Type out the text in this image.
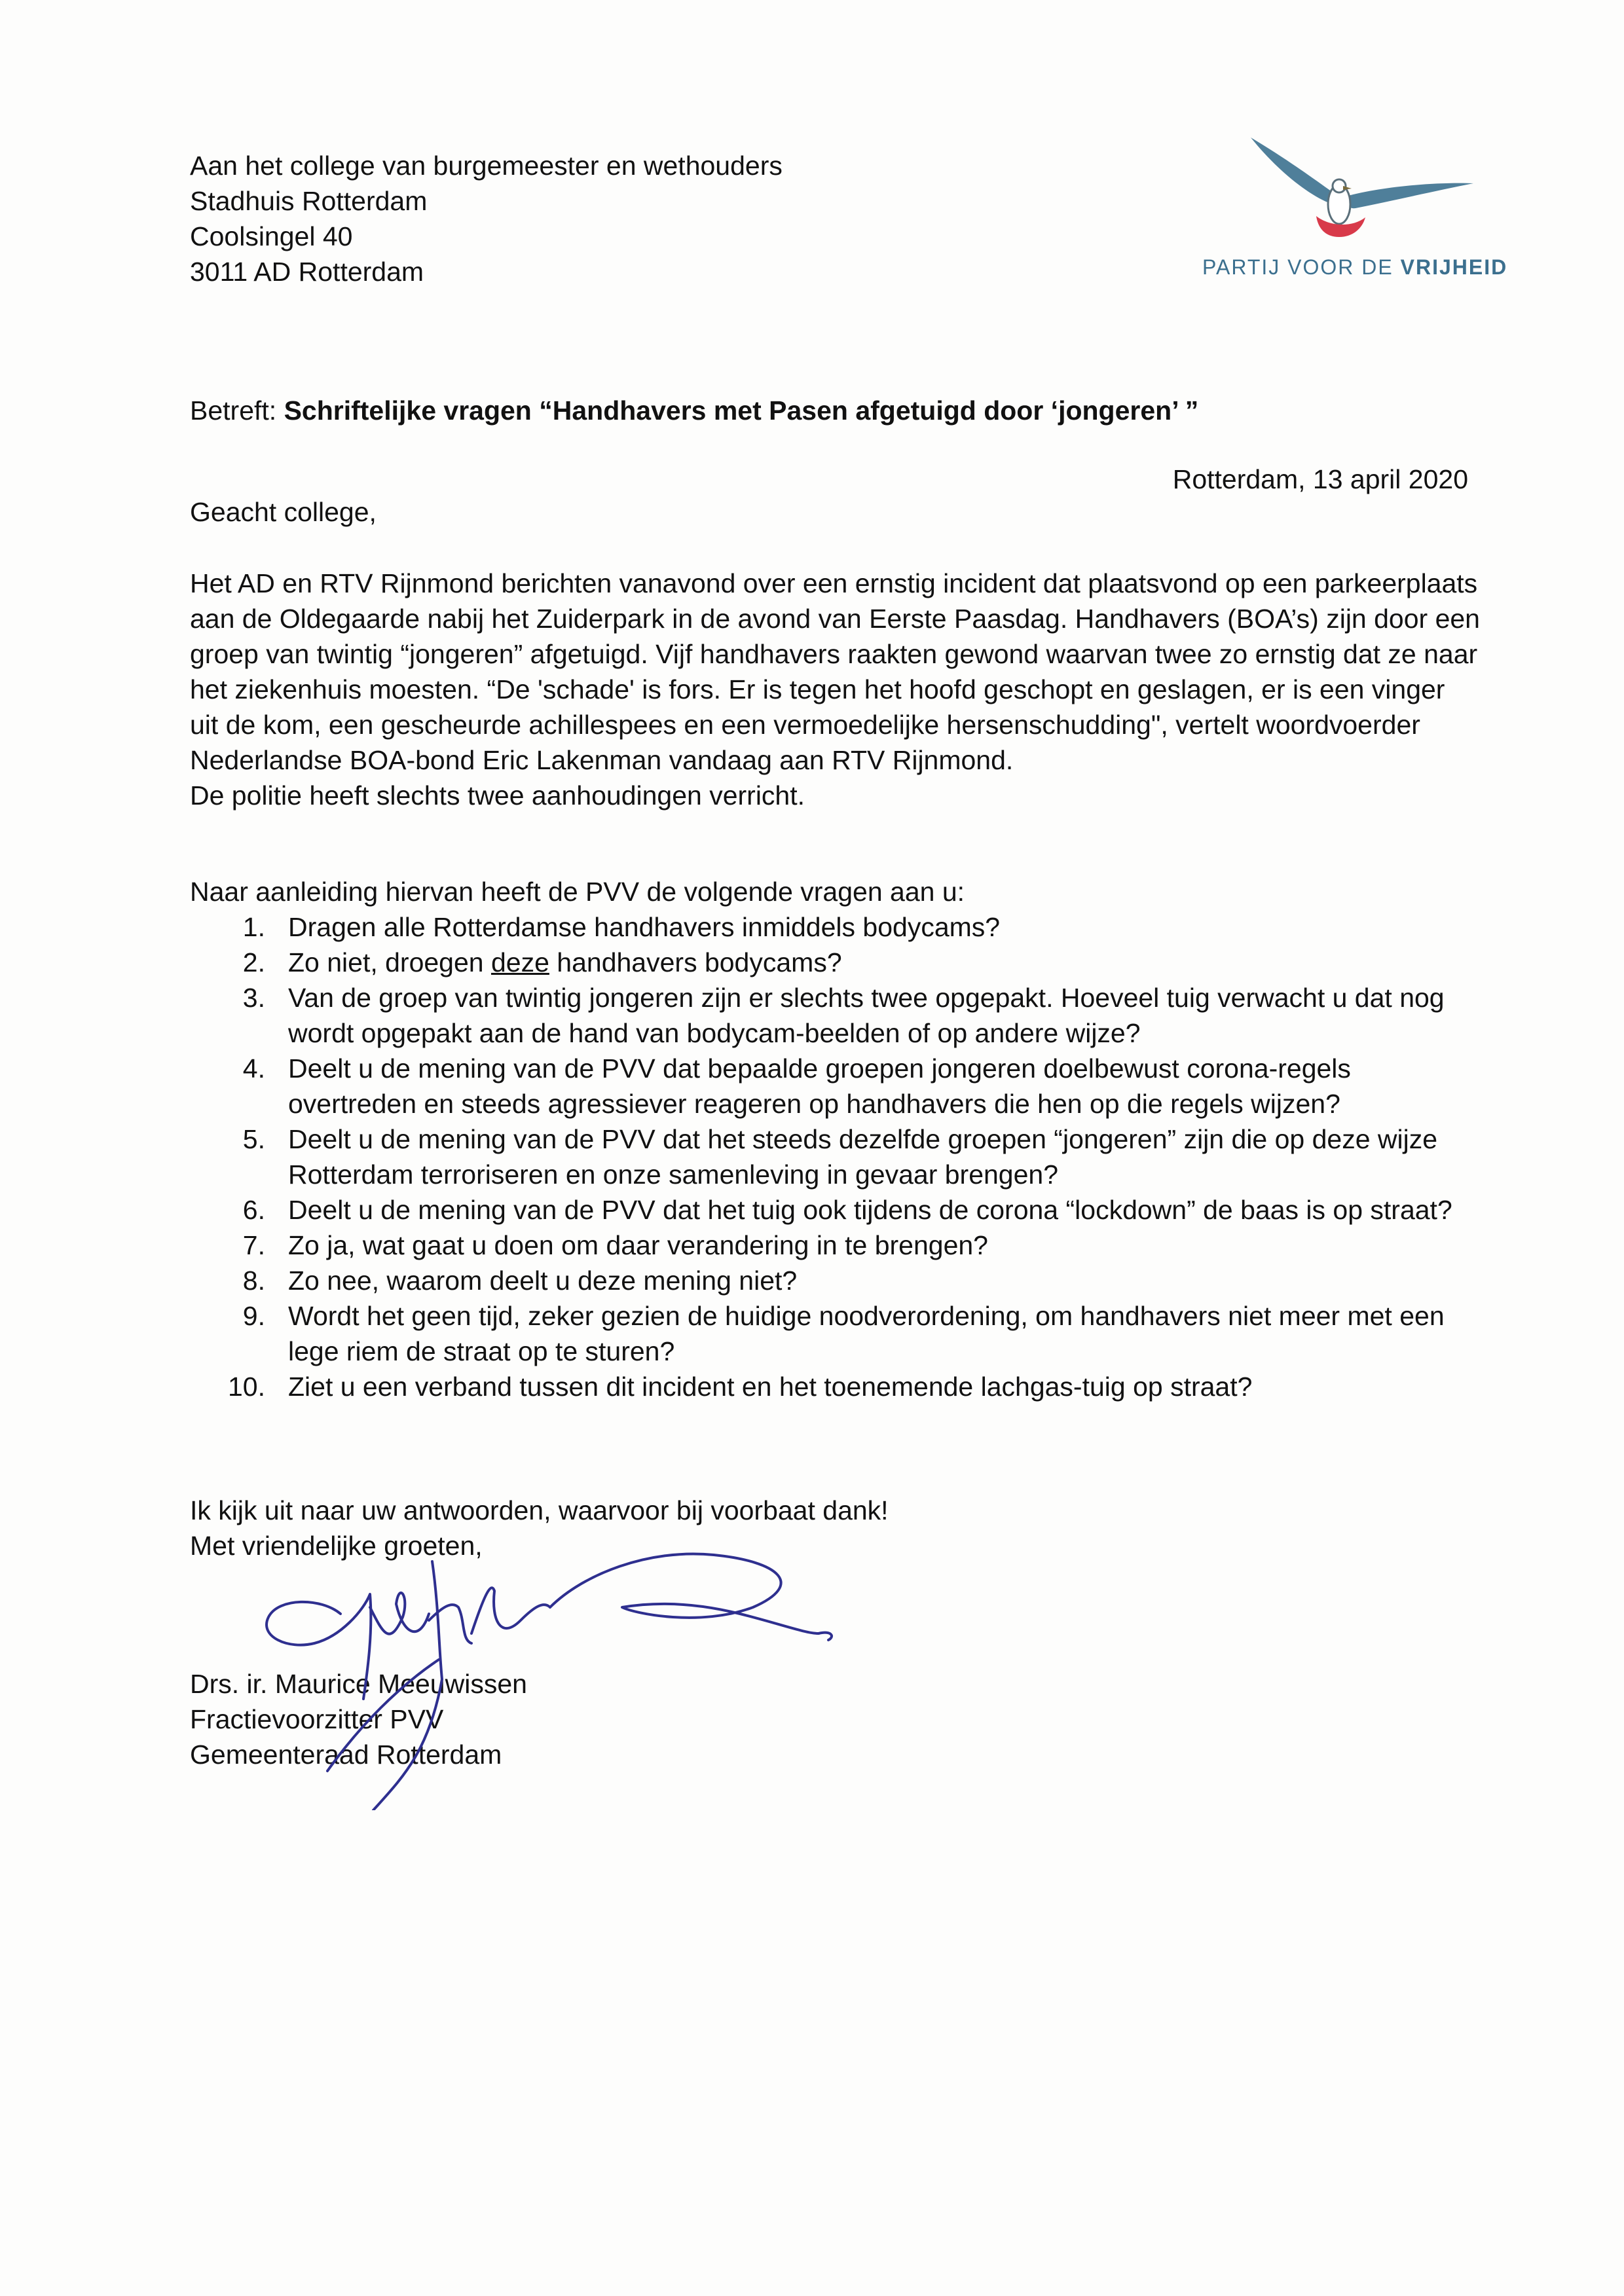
Aan het college van burgemeester en wethouders
Stadhuis Rotterdam
Coolsingel 40
3011 AD Rotterdam	PARTIJ VOOR DE VRIJHEID
Betreft: Schriftelijke vragen “Handhavers met Pasen afgetuigd door ‘jongeren’ ”
Rotterdam, 13 april 2020
Geacht college,

Het AD en RTV Rijnmond berichten vanavond over een ernstig incident dat plaatsvond op een parkeerplaats aan de Oldegaarde nabij het Zuiderpark in de avond van Eerste Paasdag. Handhavers (BOA’s) zijn door een groep van twintig “jongeren” afgetuigd. Vijf handhavers raakten gewond waarvan twee zo ernstig dat ze naar het ziekenhuis moesten. “De 'schade' is fors. Er is tegen het hoofd geschopt en geslagen, er is een vinger uit de kom, een gescheurde achillespees en een vermoedelijke hersenschudding", vertelt woordvoerder Nederlandse BOA-bond Eric Lakenman vandaag aan RTV Rijnmond.

De politie heeft slechts twee aanhoudingen verricht.

Naar aanleiding hiervan heeft de PVV de volgende vragen aan u:
1. Dragen alle Rotterdamse handhavers inmiddels bodycams?
2. Zo niet, droegen deze handhavers bodycams?
3. Van de groep van twintig jongeren zijn er slechts twee opgepakt. Hoeveel tuig verwacht u dat nog wordt opgepakt aan de hand van bodycam-beelden of op andere wijze?
4. Deelt u de mening van de PVV dat bepaalde groepen jongeren doelbewust corona-regels overtreden en steeds agressiever reageren op handhavers die hen op die regels wijzen?
5. Deelt u de mening van de PVV dat het steeds dezelfde groepen “jongeren” zijn die op deze wijze Rotterdam terroriseren en onze samenleving in gevaar brengen?
6. Deelt u de mening van de PVV dat het tuig ook tijdens de corona “lockdown” de baas is op straat?
7. Zo ja, wat gaat u doen om daar verandering in te brengen?
8. Zo nee, waarom deelt u deze mening niet?
9. Wordt het geen tijd, zeker gezien de huidige noodverordening, om handhavers niet meer met een lege riem de straat op te sturen?
10. Ziet u een verband tussen dit incident en het toenemende lachgas-tuig op straat?
Ik kijk uit naar uw antwoorden, waarvoor bij voorbaat dank!
Met vriendelijke groeten,
Drs. ir. Maurice Meeuwissen
Fractievoorzitter PVV
Gemeenteraad Rotterdam
